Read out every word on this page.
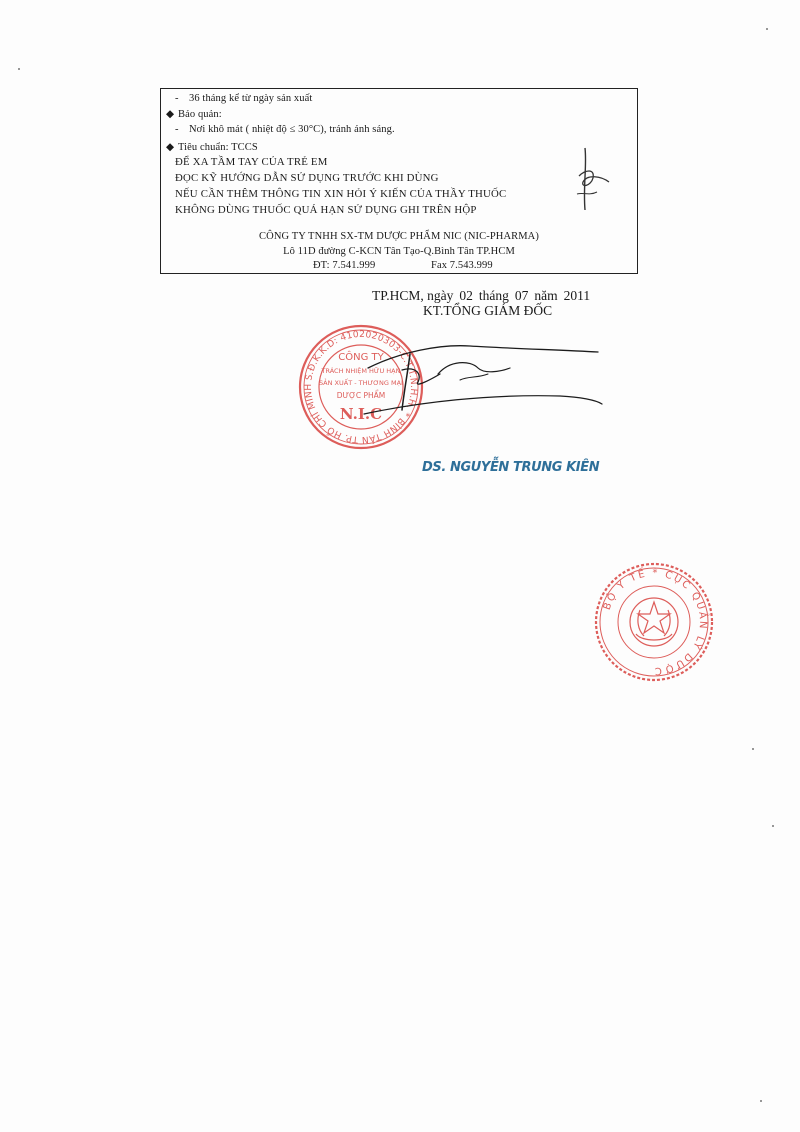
- 36 tháng kể từ ngày sản xuất
◆ Bảo quản:
- Nơi khô mát ( nhiệt độ ≤ 30°C), tránh ánh sáng.
◆ Tiêu chuẩn: TCCS
ĐỂ XA TẦM TAY CỦA TRẺ EM
ĐỌC KỸ HƯỚNG DẪN SỬ DỤNG TRƯỚC KHI DÙNG
NẾU CẦN THÊM THÔNG TIN XIN HỎI Ý KIẾN CỦA THẦY THUỐC
KHÔNG DÙNG THUỐC QUÁ HẠN SỬ DỤNG GHI TRÊN HỘP
CÔNG TY TNHH SX-TM DƯỢC PHẨM NIC (NIC-PHARMA)
Lô 11D đường C-KCN Tân Tạo-Q.Bình Tân TP.HCM
ĐT: 7.541.999	Fax 7.543.999
TP.HCM, ngày 02 tháng 07 năm 2011
KT.TỔNG GIÁM ĐỐC
S.Đ.K.K.D: 4102020303-C.T.T.N.H.H. * BÌNH TÂN TP. HỒ CHÍ MINH
CÔNG TY
TRÁCH NHIỆM HỮU HẠN
SẢN XUẤT - THƯƠNG MẠI
DƯỢC PHẨM
N.I.C
DS. NGUYỄN TRUNG KIÊN
BỘ Y TẾ * CỤC QUẢN LÝ DƯỢC
